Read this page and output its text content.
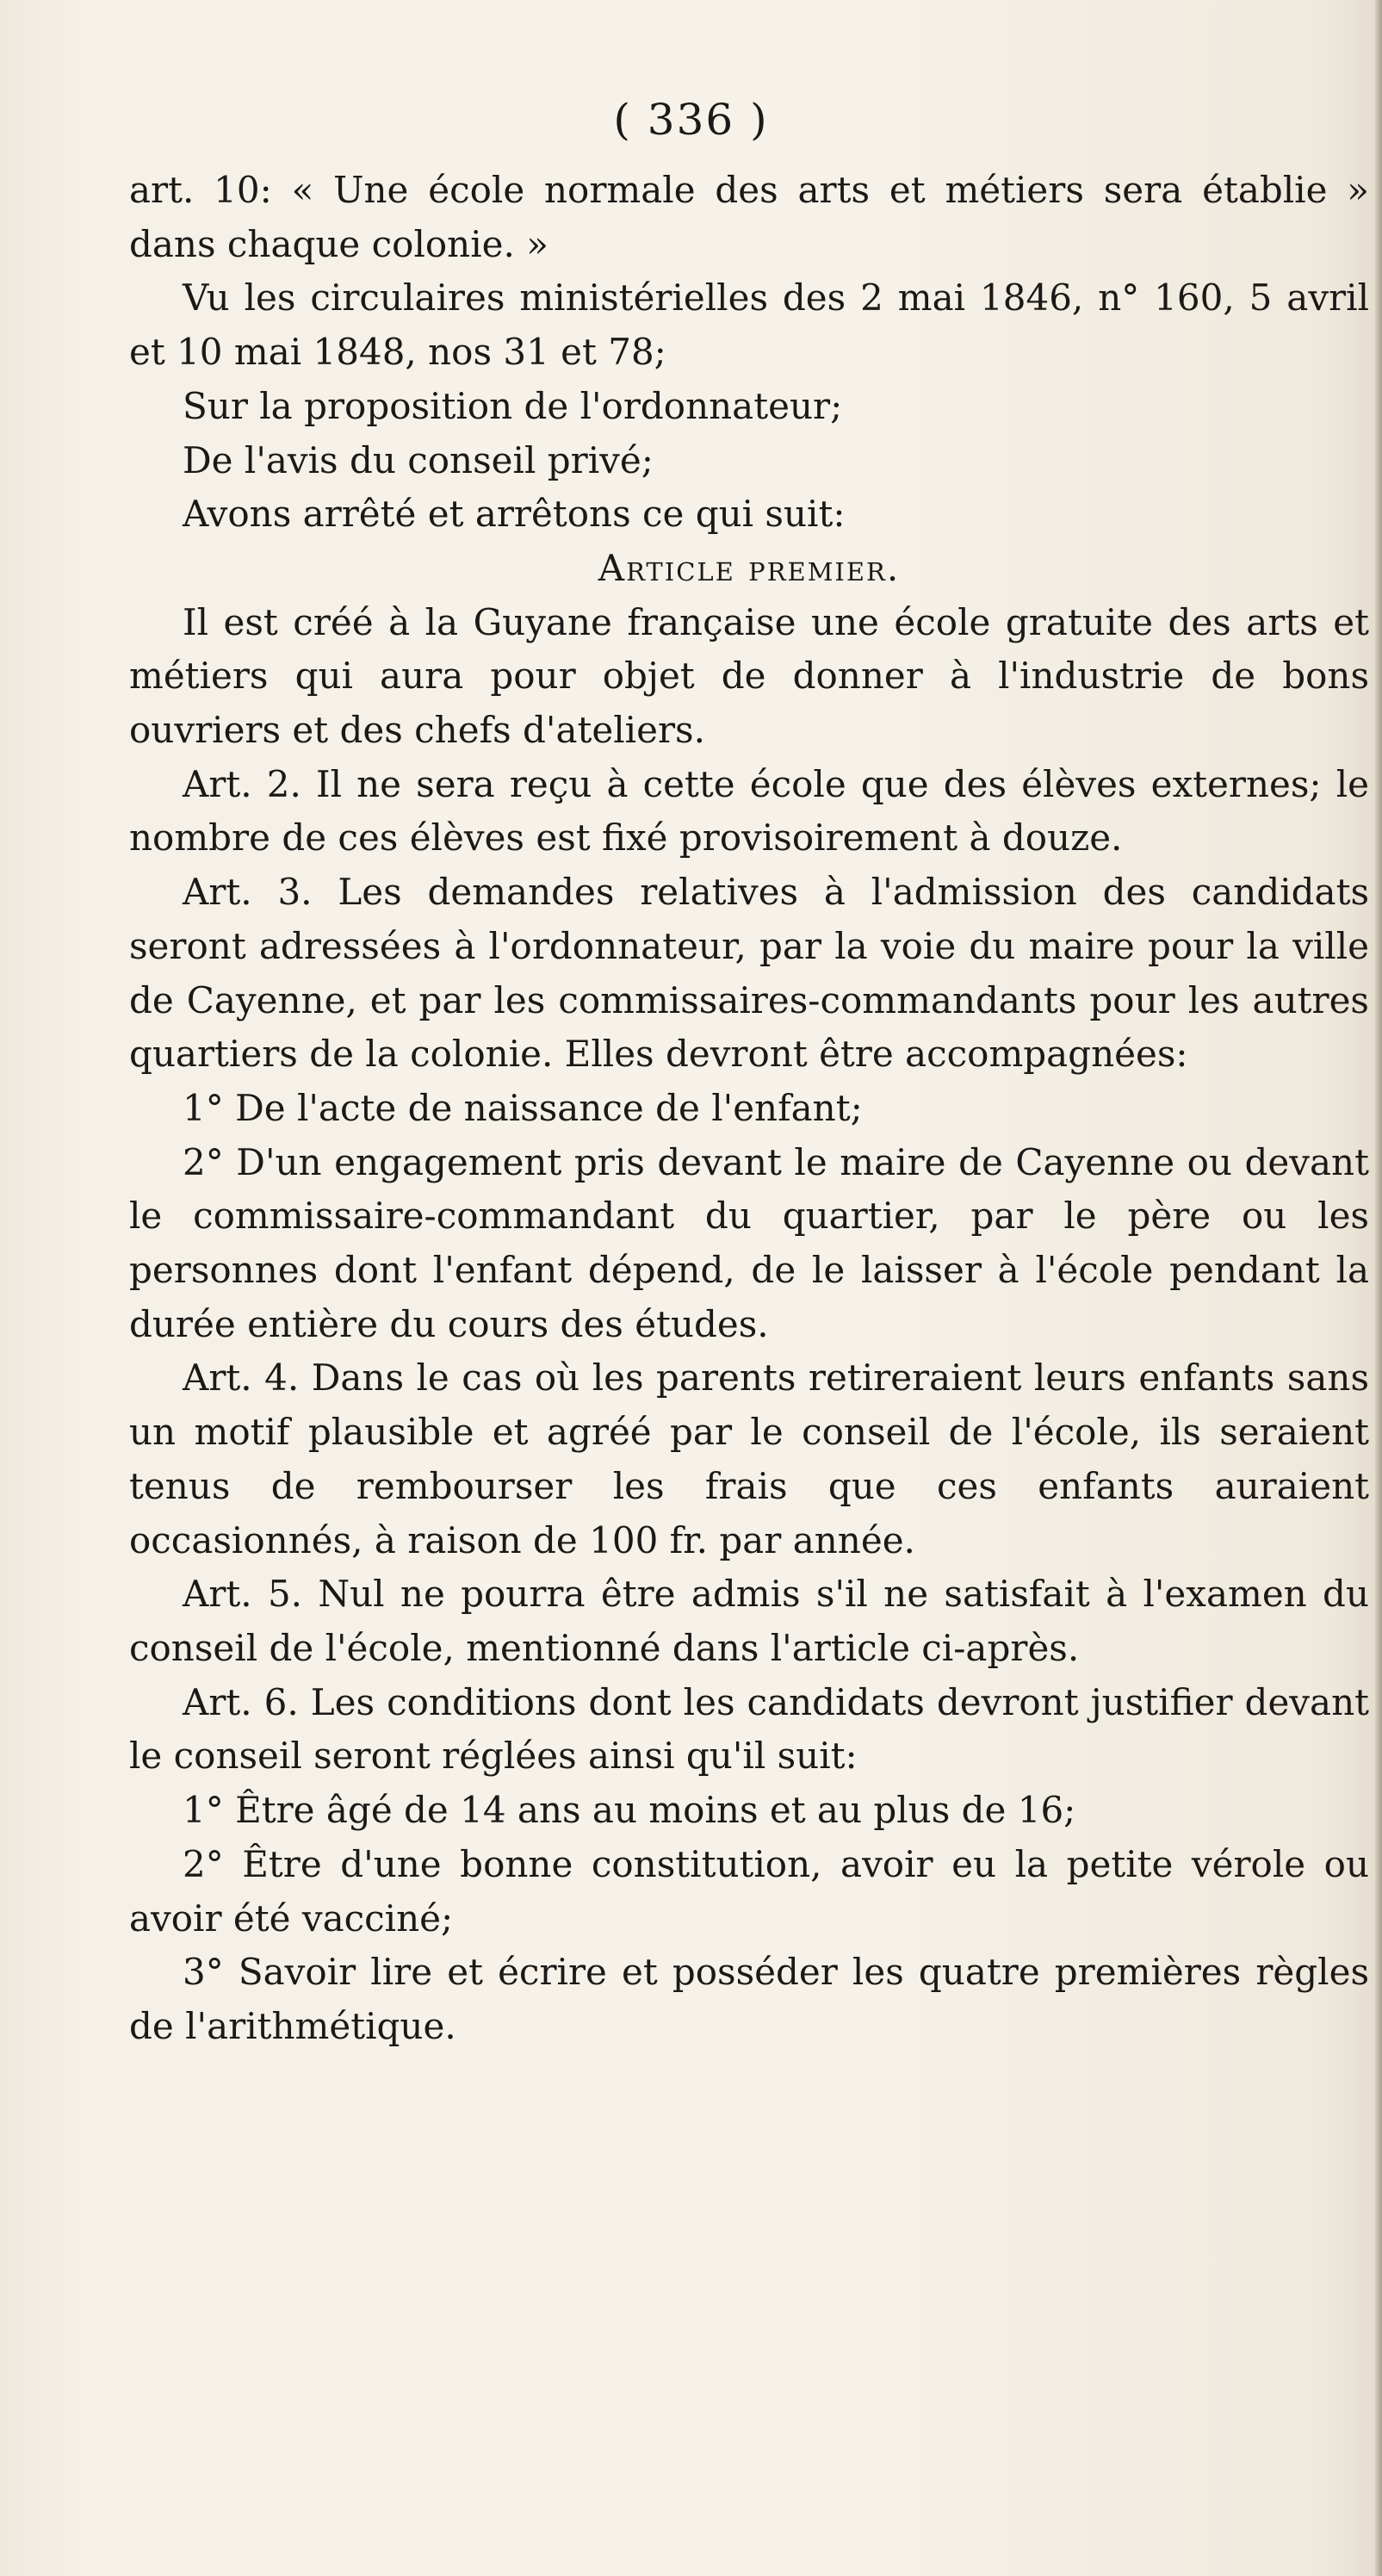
( 336 )

art. 10: « Une école normale des arts et métiers sera établie » dans chaque colonie. »

Vu les circulaires ministérielles des 2 mai 1846, n° 160, 5 avril et 10 mai 1848, nos 31 et 78;

Sur la proposition de l'ordonnateur;

De l'avis du conseil privé;

Avons arrêté et arrêtons ce qui suit:

Article premier.

Il est créé à la Guyane française une école gratuite des arts et métiers qui aura pour objet de donner à l'industrie de bons ouvriers et des chefs d'ateliers.

Art. 2. Il ne sera reçu à cette école que des élèves externes; le nombre de ces élèves est fixé provisoirement à douze.

Art. 3. Les demandes relatives à l'admission des candidats seront adressées à l'ordonnateur, par la voie du maire pour la ville de Cayenne, et par les commissaires-commandants pour les autres quartiers de la colonie. Elles devront être accompagnées:

1° De l'acte de naissance de l'enfant;

2° D'un engagement pris devant le maire de Cayenne ou devant le commissaire-commandant du quartier, par le père ou les personnes dont l'enfant dépend, de le laisser à l'école pendant la durée entière du cours des études.

Art. 4. Dans le cas où les parents retireraient leurs enfants sans un motif plausible et agréé par le conseil de l'école, ils seraient tenus de rembourser les frais que ces enfants auraient occasionnés, à raison de 100 fr. par année.

Art. 5. Nul ne pourra être admis s'il ne satisfait à l'examen du conseil de l'école, mentionné dans l'article ci-après.

Art. 6. Les conditions dont les candidats devront justifier devant le conseil seront réglées ainsi qu'il suit:

1° Être âgé de 14 ans au moins et au plus de 16;

2° Être d'une bonne constitution, avoir eu la petite vérole ou avoir été vacciné;

3° Savoir lire et écrire et posséder les quatre premières règles de l'arithmétique.
